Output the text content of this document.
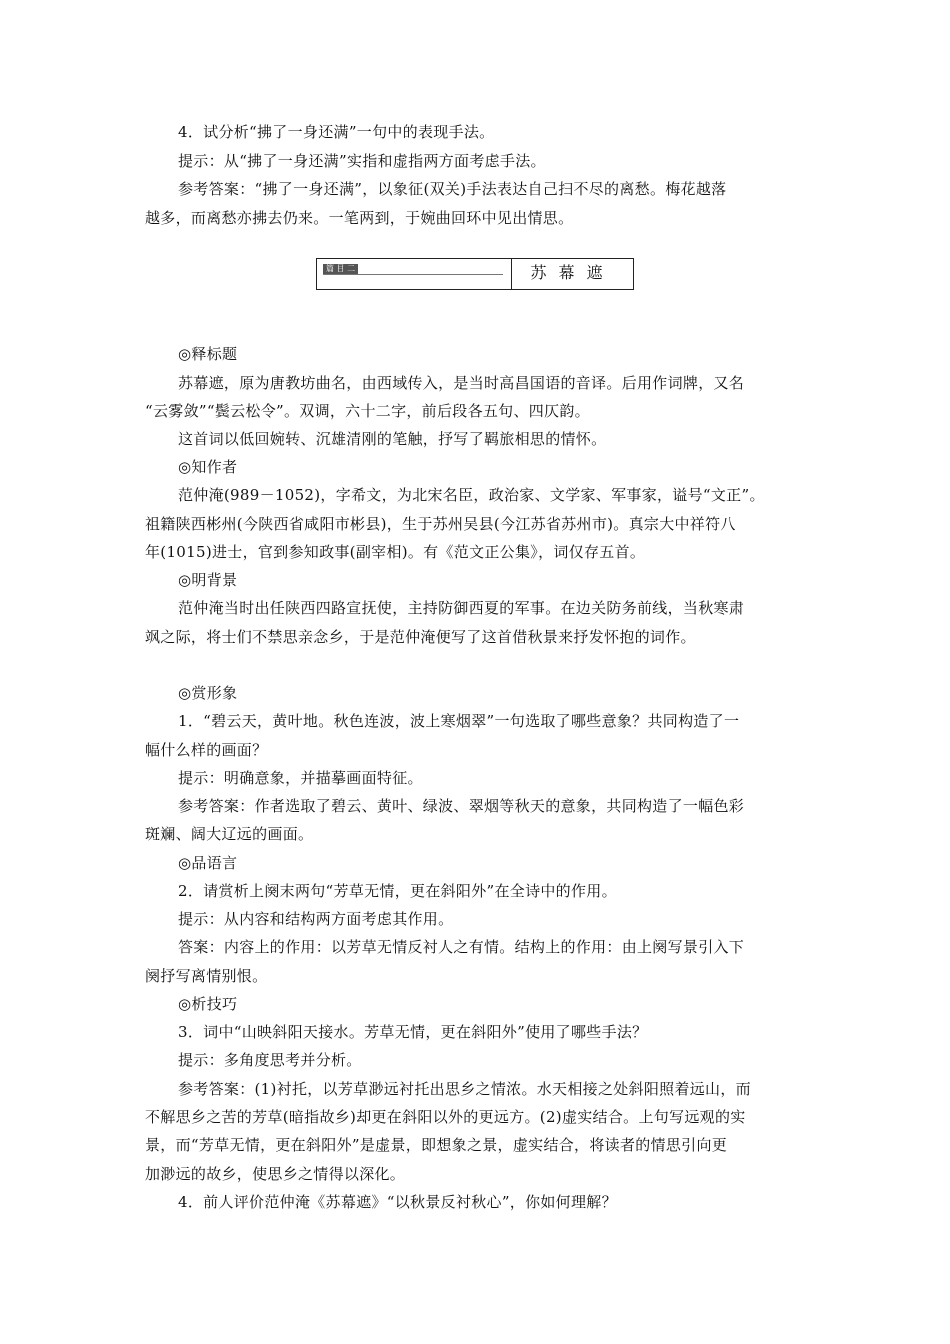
4．试分析“拂了一身还满”一句中的表现手法。
提示：从“拂了一身还满”实指和虚指两方面考虑手法。
参考答案：“拂了一身还满”，以象征(双关)手法表达自己扫不尽的离愁。梅花越落
越多，而离愁亦拂去仍来。一笔两到，于婉曲回环中见出情思。
篇 目 二	苏幕遮
◎释标题
苏幕遮，原为唐教坊曲名，由西域传入，是当时高昌国语的音译。后用作词牌，又名
“云雾敛”“鬓云松令”。双调，六十二字，前后段各五句、四仄韵。
这首词以低回婉转、沉雄清刚的笔触，抒写了羁旅相思的情怀。
◎知作者
范仲淹(989－1052)，字希文，为北宋名臣，政治家、文学家、军事家，谥号“文正”。
祖籍陕西彬州(今陕西省咸阳市彬县)，生于苏州吴县(今江苏省苏州市)。真宗大中祥符八
年(1015)进士，官到参知政事(副宰相)。有《范文正公集》，词仅存五首。
◎明背景
范仲淹当时出任陕西四路宣抚使，主持防御西夏的军事。在边关防务前线，当秋寒肃
飒之际，将士们不禁思亲念乡，于是范仲淹便写了这首借秋景来抒发怀抱的词作。
◎赏形象
1．“碧云天，黄叶地。秋色连波，波上寒烟翠”一句选取了哪些意象？共同构造了一
幅什么样的画面？
提示：明确意象，并描摹画面特征。
参考答案：作者选取了碧云、黄叶、绿波、翠烟等秋天的意象，共同构造了一幅色彩
斑斓、阔大辽远的画面。
◎品语言
2．请赏析上阕末两句“芳草无情，更在斜阳外”在全诗中的作用。
提示：从内容和结构两方面考虑其作用。
答案：内容上的作用：以芳草无情反衬人之有情。结构上的作用：由上阕写景引入下
阕抒写离情别恨。
◎析技巧
3．词中“山映斜阳天接水。芳草无情，更在斜阳外”使用了哪些手法？
提示：多角度思考并分析。
参考答案：(1)衬托，以芳草渺远衬托出思乡之情浓。水天相接之处斜阳照着远山，而
不解思乡之苦的芳草(暗指故乡)却更在斜阳以外的更远方。(2)虚实结合。上句写远观的实
景，而“芳草无情，更在斜阳外”是虚景，即想象之景，虚实结合，将读者的情思引向更
加渺远的故乡，使思乡之情得以深化。
4．前人评价范仲淹《苏幕遮》“以秋景反衬秋心”，你如何理解？
